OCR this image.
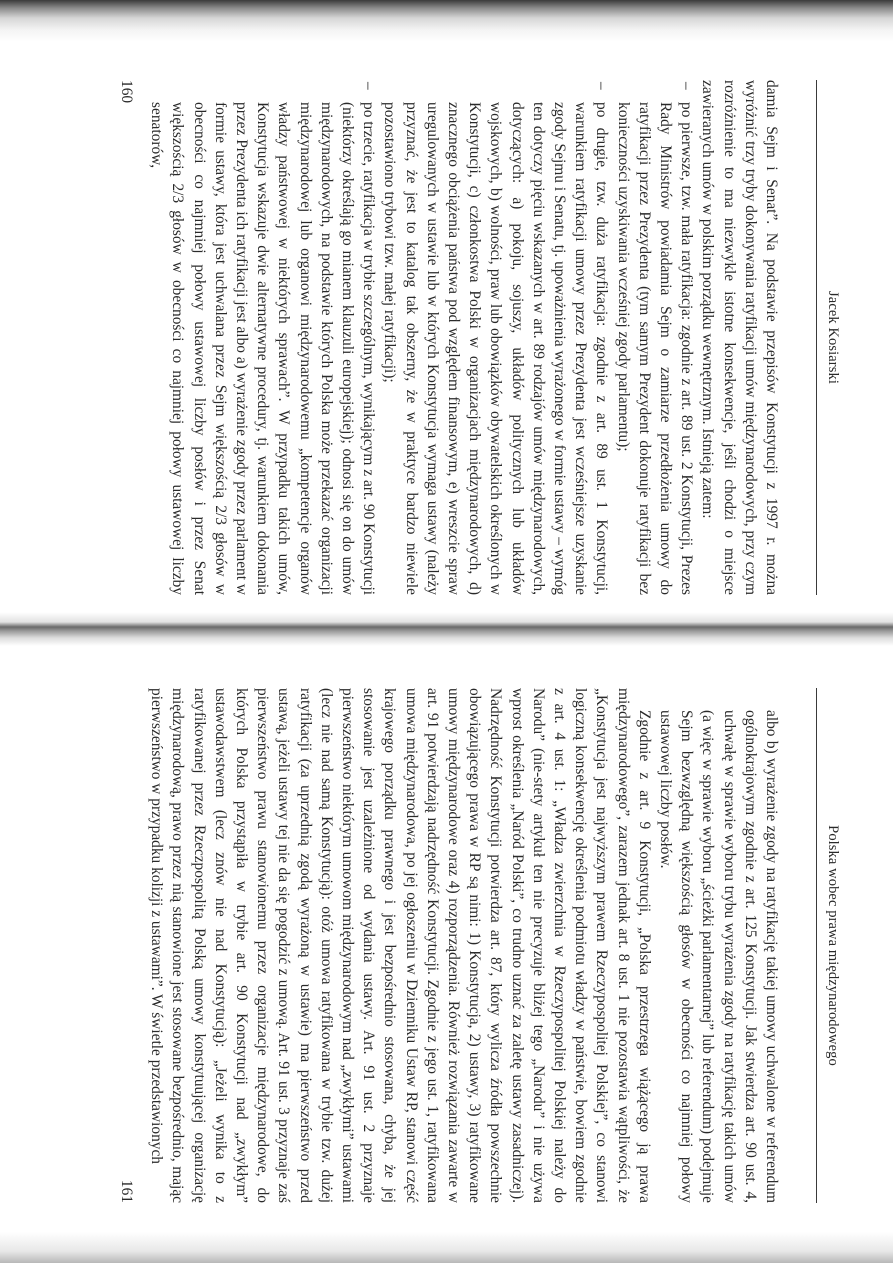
Jacek Kosiarski

damia Sejm i Senat”. Na podstawie przepisów Konstytucji z 1997 r. można wyróżnić trzy tryby dokonywania ratyfikacji umów międzynarodowych, przy czym rozróżnienie to ma niezwykle istotne konsekwencje, jeśli chodzi o miejsce zawieranych umów w polskim porządku wewnętrznym. Istnieją zatem:

–
po pierwsze, tzw. mała ratyfikacja: zgodnie z art. 89 ust. 2 Konstytucji, Prezes Rady Ministrów powiadamia Sejm o zamiarze przedłożenia umowy do ratyfikacji przez Prezydenta (tym samym Prezydent dokonuje ratyfikacji bez konieczności uzyskiwania wcześniej zgody parlamentu);

–
po drugie, tzw. duża ratyfikacja: zgodnie z art. 89 ust. 1 Konstytucji, warunkiem ratyfikacji umowy przez Prezydenta jest wcześniejsze uzyskanie zgody Sejmu i Senatu, tj. upoważnienia wyrażonego w formie ustawy – wymóg ten dotyczy pięciu wskazanych w art. 89 rodzajów umów międzynarodowych, dotyczących: a) pokoju, sojuszy, układów politycznych lub układów wojskowych, b) wolności, praw lub obowiązków obywatelskich określonych w Konstytucji, c) członkostwa Polski w organizacjach międzynarodowych, d) znacznego obciążenia państwa pod względem finansowym, e) wreszcie spraw uregulowanych w ustawie lub w których Konstytucja wymaga ustawy (należy przyznać, że jest to katalog tak obszerny, że w praktyce bardzo niewiele pozostawiono trybowi tzw. małej ratyfikacji);

–
po trzecie, ratyfikacja w trybie szczególnym, wynikającym z art. 90 Konstytucji (niektórzy określają go mianem klauzuli europejskiej); odnosi się on do umów międzynarodowych, na podstawie których Polska może przekazać organizacji międzynarodowej lub organowi międzynarodowemu „kompetencje organów władzy państwowej w niektórych sprawach”. W przypadku takich umów, Konstytucja wskazuje dwie alternatywne procedury, tj. warunkiem dokonania przez Prezydenta ich ratyfikacji jest albo a) wyrażenie zgody przez parlament w formie ustawy, która jest uchwalana przez Sejm większością 2/3 głosów w obecności co najmniej połowy ustawowej liczby posłów i przez Senat większością 2/3 głosów w obecności co najmniej połowy ustawowej liczby senatorów,

160
Polska wobec prawa międzynarodowego

albo b) wyrażenie zgody na ratyfikację takiej umowy uchwalone w referendum ogólnokrajowym zgodnie z art. 125 Konstytucji. Jak stwierdza art. 90 ust. 4, uchwałę w sprawie wyboru trybu wyrażenia zgody na ratyfikację takich umów (a więc w sprawie wyboru „ścieżki parlamentarnej” lub referendum) podejmuje Sejm bezwzględną większością głosów w obecności co najmniej połowy ustawowej liczby posłów.

Zgodnie z art. 9 Konstytucji, „Polska przestrzega wiążącego ją prawa międzynarodowego”, zarazem jednak art. 8 ust. 1 nie pozostawia wątpliwości, że „Konstytucja jest najwyższym prawem Rzeczypospolitej Polskiej”, co stanowi logiczną konsekwencję określenia podmiotu władzy w państwie, bowiem zgodnie z art. 4 ust. 1: „Władza zwierzchnia w Rzeczypospolitej Polskiej należy do Narodu” (nie-stety artykuł ten nie precyzuje bliżej tego „Narodu” i nie używa wprost określenia „Naród Polski”, co trudno uznać za zaletę ustawy zasadniczej). Nadrzędność Konstytucji potwierdza art. 87, który wylicza źródła powszechnie obowiązującego prawa w RP są nimi: 1) Konstytucja, 2) ustawy, 3) ratyfikowane umowy międzynarodowe oraz 4) rozporządzenia. Również rozwiązania zawarte w art. 91 potwierdzają nadrzędność Konstytucji. Zgodnie z jego ust. 1, ratyfikowana umowa międzynarodowa, po jej ogłoszeniu w Dzienniku Ustaw RP, stanowi część krajowego porządku prawnego i jest bezpośrednio stosowana, chyba, że jej stosowanie jest uzależnione od wydania ustawy. Art. 91 ust. 2 przyznaje pierwszeństwo niektórym umowom międzynarodowym nad „zwykłymi” ustawami (lecz nie nad samą Konstytucją): otóż umowa ratyfikowana w trybie tzw. dużej ratyfikacji (za uprzednią zgodą wyrażoną w ustawie) ma pierwszeństwo przed ustawą, jeżeli ustawy tej nie da się pogodzić z umową. Art. 91 ust. 3 przyznaje zaś pierwszeństwo prawu stanowionemu przez organizacje międzynarodowe, do których Polska przystąpiła w trybie art. 90 Konstytucji nad „zwykłym” ustawodawstwem (lecz znów nie nad Konstytucją): „Jeżeli wynika to z ratyfikowanej przez Rzeczpospolitą Polską umowy konstytuującej organizację międzynarodową, prawo przez nią stanowione jest stosowane bezpośrednio, mając pierwszeństwo w przypadku kolizji z ustawami”. W świetle przedstawionych

161
